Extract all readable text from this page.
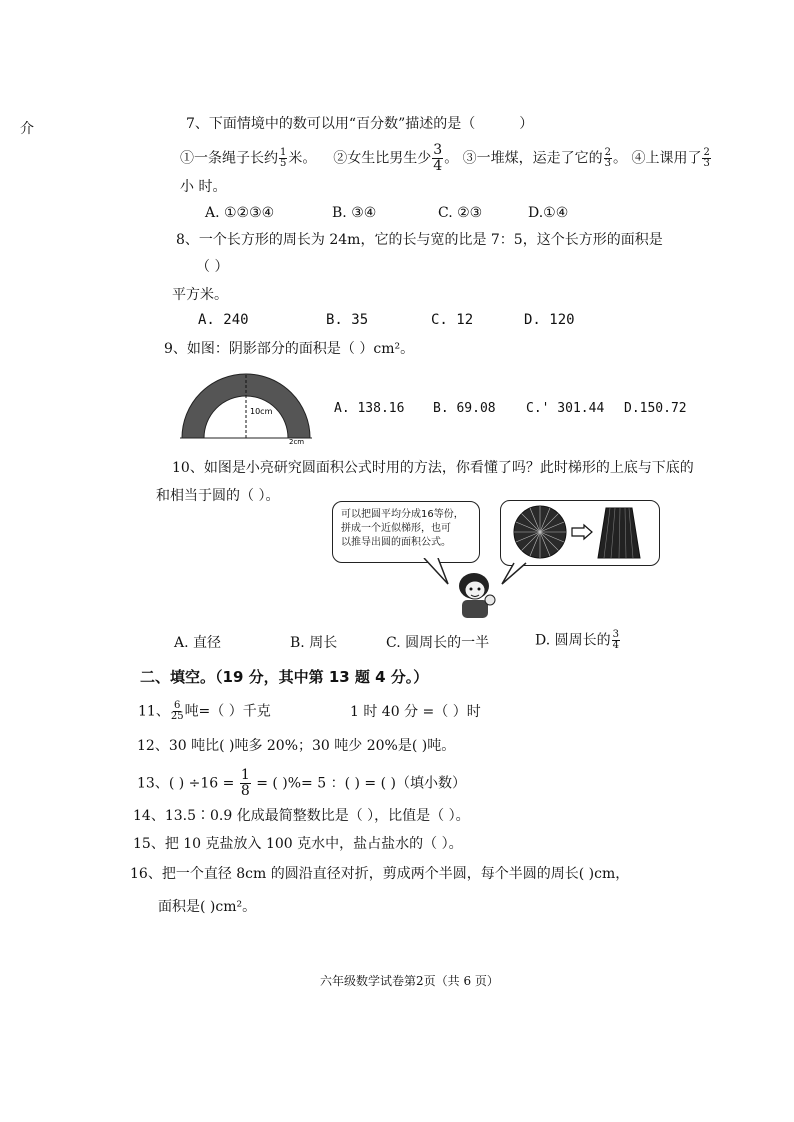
介	7、下面情境中的数可以用“百分数”描述的是（	）
①一条绳子长约 $\frac{1}{5}$ 米。 ②女生比男生少 $\frac{3}{4}$ 。 ③一堆煤，运走了它的 $\frac{2}{3}$ 。 ④上课用了 $\frac{2}{3}$
小 时。
A. ①②③④	B. ③④	C. ②③	D.①④
8、一个长方形的周长为 24m，它的长与宽的比是 7：5，这个长方形的面积是
（ ）
平方米。
A. 240	B. 35	C. 12	D. 120
9、如图：阴影部分的面积是（ ）cm²。
10cm
2cm
A. 138.16 B. 69.08 C.' 301.44 D.150.72
10、如图是小亮研究圆面积公式时用的方法，你看懂了吗？此时梯形的上底与下底的
和相当于圆的（ ）。
可以把圆平均分成16等份，
拼成一个近似梯形，也可
以推导出圆的面积公式。
A. 直径	B. 周长	C. 圆周长的一半	D. 圆周长的 $\frac{3}{4}$
二、填空。（19 分，其中第 13 题 4 分。）
11、 $\frac{6}{25}$ 吨=（ ）千克	1 时 40 分 =（ ）时
12、30 吨比( )吨多 20%；30 吨少 20%是( )吨。
13、( ) $\div 16 = \frac{1}{8}$ = ( )%= 5 ：( ) = ( )（填小数）
14、13.5∶0.9 化成最简整数比是（ ），比值是（ ）。
15、把 10 克盐放入 100 克水中，盐占盐水的（ ）。
16、把一个直径 8cm 的圆沿直径对折，剪成两个半圆，每个半圆的周长( )cm，
面积是( )cm²。
六年级数学试卷第2页（共 6 页）
